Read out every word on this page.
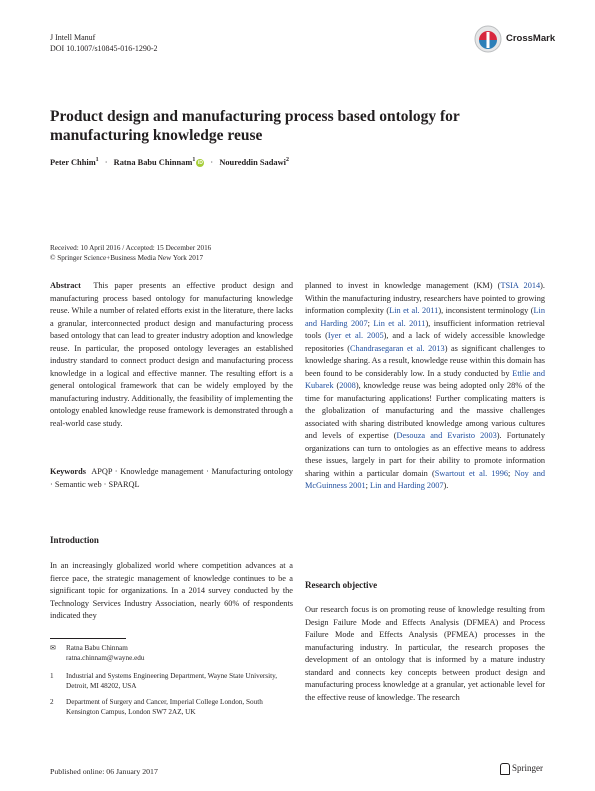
J Intell Manuf
DOI 10.1007/s10845-016-1290-2
CrossMark
Product design and manufacturing process based ontology for manufacturing knowledge reuse
Peter Chhim$^1$ · Ratna Babu Chinnam$^1$ iD · Noureddin Sadawi$^2$
Received: 10 April 2016 / Accepted: 15 December 2016
© Springer Science+Business Media New York 2017

Abstract This paper presents an effective product design and manufacturing process based ontology for manufacturing knowledge reuse. While a number of related efforts exist in the literature, there lacks a granular, interconnected product design and manufacturing process based ontology that can lead to greater industry adoption and knowledge reuse. In particular, the proposed ontology leverages an established industry standard to connect product design and manufacturing process knowledge in a logical and effective manner. The resulting effort is a general ontological framework that can be widely employed by the manufacturing industry. Additionally, the feasibility of implementing the ontology enabled knowledge reuse framework is demonstrated through a real-world case study.

Keywords APQP · Knowledge management · Manufacturing ontology · Semantic web · SPARQL

Introduction

In an increasingly globalized world where competition advances at a fierce pace, the strategic management of knowledge continues to be a significant topic for organizations. In a 2014 survey conducted by the Technology Services Industry Association, nearly 60% of respondents indicated they

✉ Ratna Babu Chinnam
ratna.chinnam@wayne.edu
1 Industrial and Systems Engineering Department, Wayne State University, Detroit, MI 48202, USA
2 Department of Surgery and Cancer, Imperial College London, South Kensington Campus, London SW7 2AZ, UK

planned to invest in knowledge management (KM) (TSIA 2014). Within the manufacturing industry, researchers have pointed to growing information complexity (Lin et al. 2011), inconsistent terminology (Lin and Harding 2007; Lin et al. 2011), insufficient information retrieval tools (Iyer et al. 2005), and a lack of widely accessible knowledge repositories (Chandrasegaran et al. 2013) as significant challenges to knowledge sharing. As a result, knowledge reuse within this domain has been found to be considerably low. In a study conducted by Ettlie and Kubarek (2008), knowledge reuse was being adopted only 28% of the time for manufacturing applications! Further complicating matters is the globalization of manufacturing and the massive challenges associated with sharing distributed knowledge among various cultures and levels of expertise (Desouza and Evaristo 2003). Fortunately organizations can turn to ontologies as an effective means to address these issues, largely in part for their ability to promote information sharing within a particular domain (Swartout et al. 1996; Noy and McGuinness 2001; Lin and Harding 2007).

Research objective

Our research focus is on promoting reuse of knowledge resulting from Design Failure Mode and Effects Analysis (DFMEA) and Process Failure Mode and Effects Analysis (PFMEA) processes in the manufacturing industry. In particular, the research proposes the development of an ontology that is informed by a mature industry standard and connects key concepts between product design and manufacturing process knowledge at a granular, yet actionable level for the effective reuse of knowledge. The research

Published online: 06 January 2017	Springer
